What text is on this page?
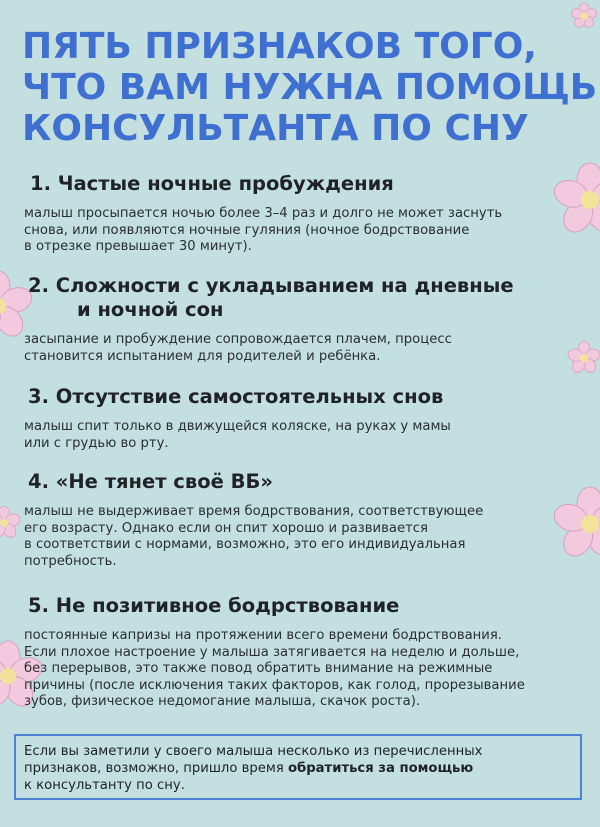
ПЯТЬ ПРИЗНАКОВ ТОГО,
ЧТО ВАМ НУЖНА ПОМОЩЬ
КОНСУЛЬТАНТА ПО СНУ
1. Частые ночные пробуждения

малыш просыпается ночью более 3–4 раз и долго не может заснуть
снова, или появляются ночные гуляния (ночное бодрствование
в отрезке превышает 30 минут).

2. Сложности с укладыванием на дневные
и ночной сон

засыпание и пробуждение сопровождается плачем, процесс
становится испытанием для родителей и ребёнка.

3. Отсутствие самостоятельных снов

малыш спит только в движущейся коляске, на руках у мамы
или с грудью во рту.

4. «Не тянет своё ВБ»

малыш не выдерживает время бодрствования, соответствующее
его возрасту. Однако если он спит хорошо и развивается
в соответствии с нормами, возможно, это его индивидуальная
потребность.

5. Не позитивное бодрствование

постоянные капризы на протяжении всего времени бодрствования.
Если плохое настроение у малыша затягивается на неделю и дольше,
без перерывов, это также повод обратить внимание на режимные
причины (после исключения таких факторов, как голод, прорезывание
зубов, физическое недомогание малыша, скачок роста).

Если вы заметили у своего малыша несколько из перечисленных
признаков, возможно, пришло время обратиться за помощью
к консультанту по сну.
